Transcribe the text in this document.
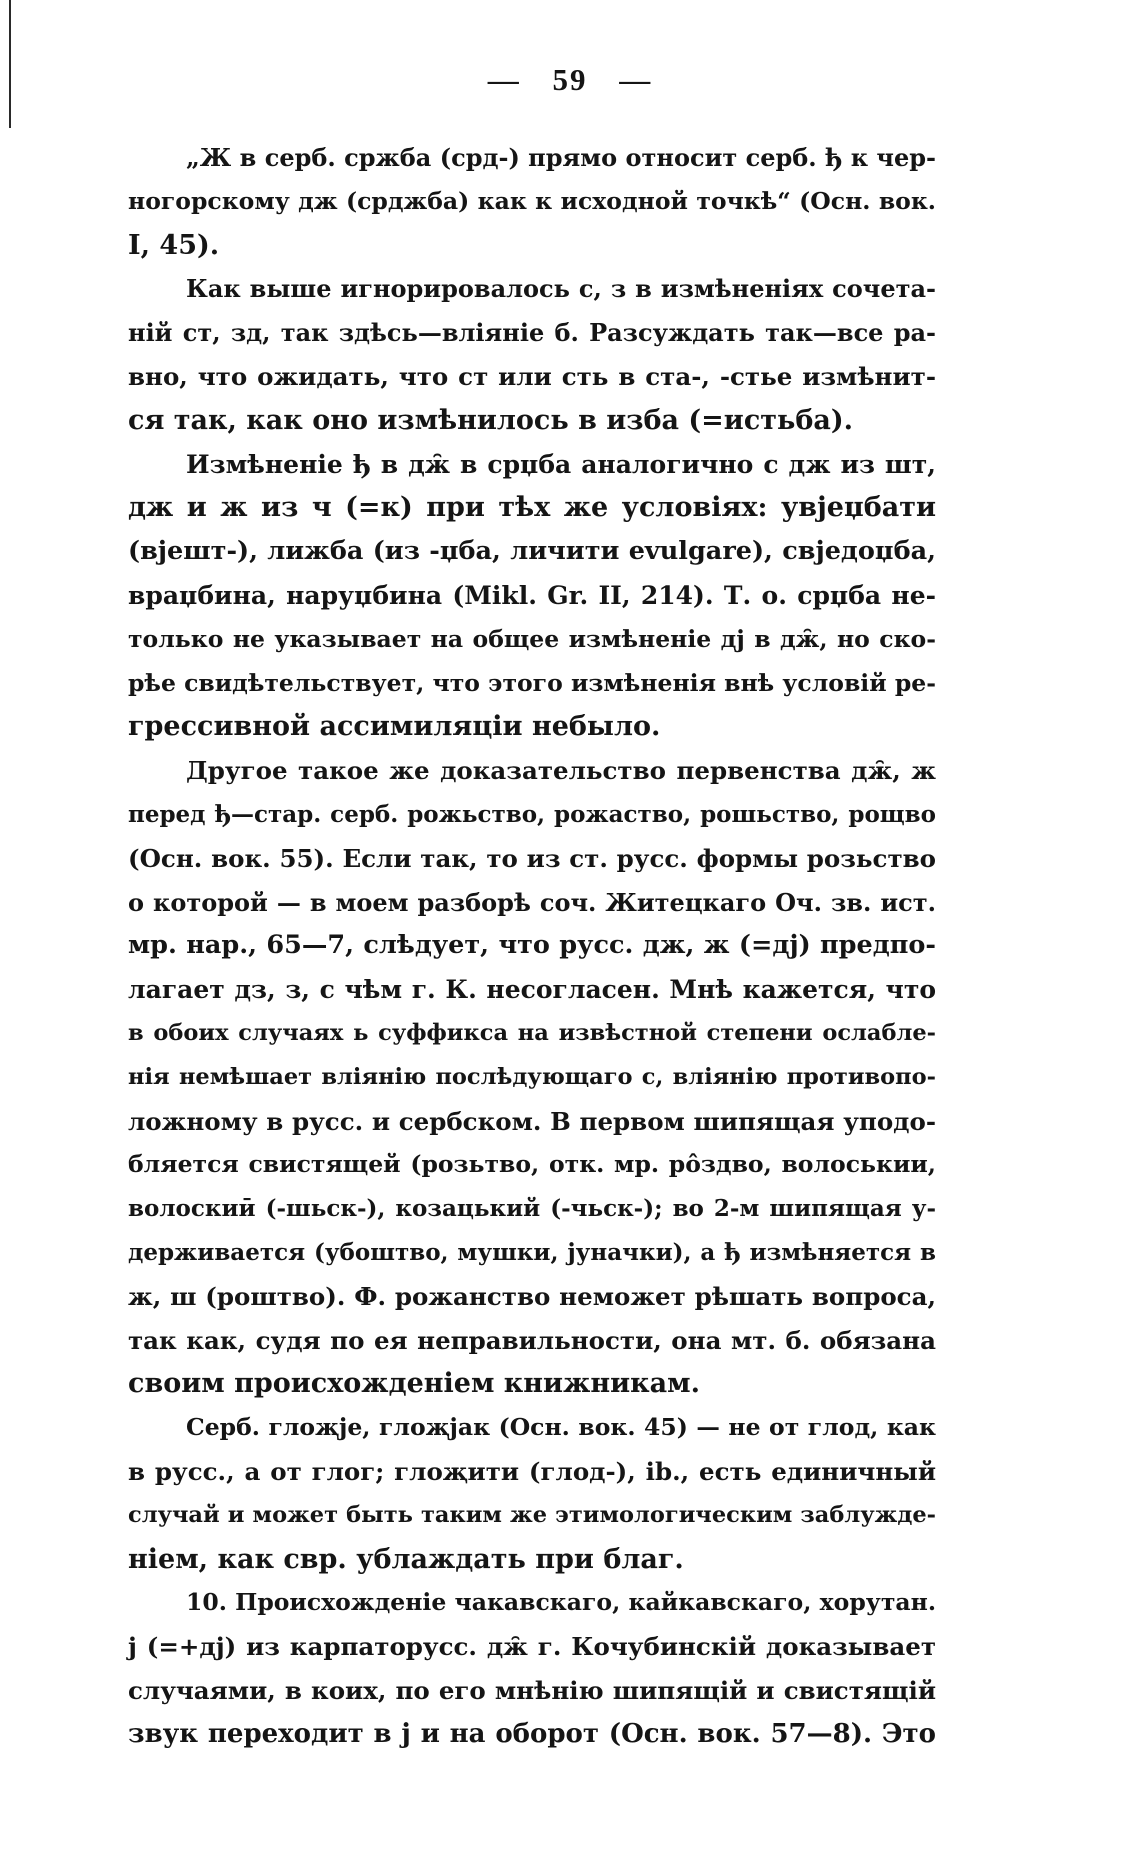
— 59 —
„Ж в серб. сржба (срд-) прямо относит серб. ђ к чер-
ногорскому дж (срджба) как к исходной точкѣ“ (Осн. вок.
I, 45).
Как выше игнорировалось с, з в измѣненіях сочета-
ній ст, зд, так здѣсь—вліяніе б. Разсуждать так—все ра-
вно, что ожидать, что ст или сть в ста-, -стье измѣнит-
ся так, как оно измѣнилось в изба (=истьба).
Измѣненіе ђ в дж̑ в срџба аналогично с дж из шт,
дж и ж из ч (=к) при тѣх же условіях: увјеџбати
(вјешт-), лижба (из -џба, личити evulgare), свједоџба,
враџбина, наруџбина (Mikl. Gr. II, 214). Т. о. срџба не-
только не указывает на общее измѣненіе дј в дж̑, но ско-
рѣе свидѣтельствует, что этого измѣненія внѣ условій ре-
грессивной ассимиляціи небыло.
Другое такое же доказательство первенства дж̑, ж
перед ђ—стар. серб. рожьство, рожаство, рошьство, рощво
(Осн. вок. 55). Если так, то из ст. русс. формы розьство
о которой — в моем разборѣ соч. Житецкаго Оч. зв. ист.
мр. нар., 65—7, слѣдует, что русс. дж, ж (=дј) предпо-
лагает дз, з, с чѣм г. К. несогласен. Мнѣ кажется, что
в обоих случаях ь суффикса на извѣстной степени ослабле-
нія немѣшает вліянію послѣдующаго с, вліянію противопо-
ложному в русс. и сербском. В первом шипящая уподо-
бляется свистящей (розьтво, отк. мр. рôздво, волоськии,
волоскиӣ (-шьск-), козацький (-чьск-); во 2-м шипящая у-
держивается (убоштво, мушки, јуначки), а ђ измѣняется в
ж, ш (роштво). Ф. рожанство неможет рѣшать вопроса,
так как, судя по ея неправильности, она мт. б. обязана
своим происхожденіем книжникам.
Серб. глоҗје, глоҗјак (Осн. вок. 45) — не от глод, как
в русс., а от глог; глоҗити (глод-), ib., есть единичный
случай и может быть таким же этимологическим заблужде-
ніем, как свр. ублаждать при благ.
10. Происхожденіе чакавскаго, кайкавскаго, хорутан.
ј (=+дј) из карпаторусс. дж̑ г. Кочубинскій доказывает
случаями, в коих, по его мнѣнію шипящій и свистящій
звук переходит в ј и на оборот (Осн. вок. 57—8). Это
